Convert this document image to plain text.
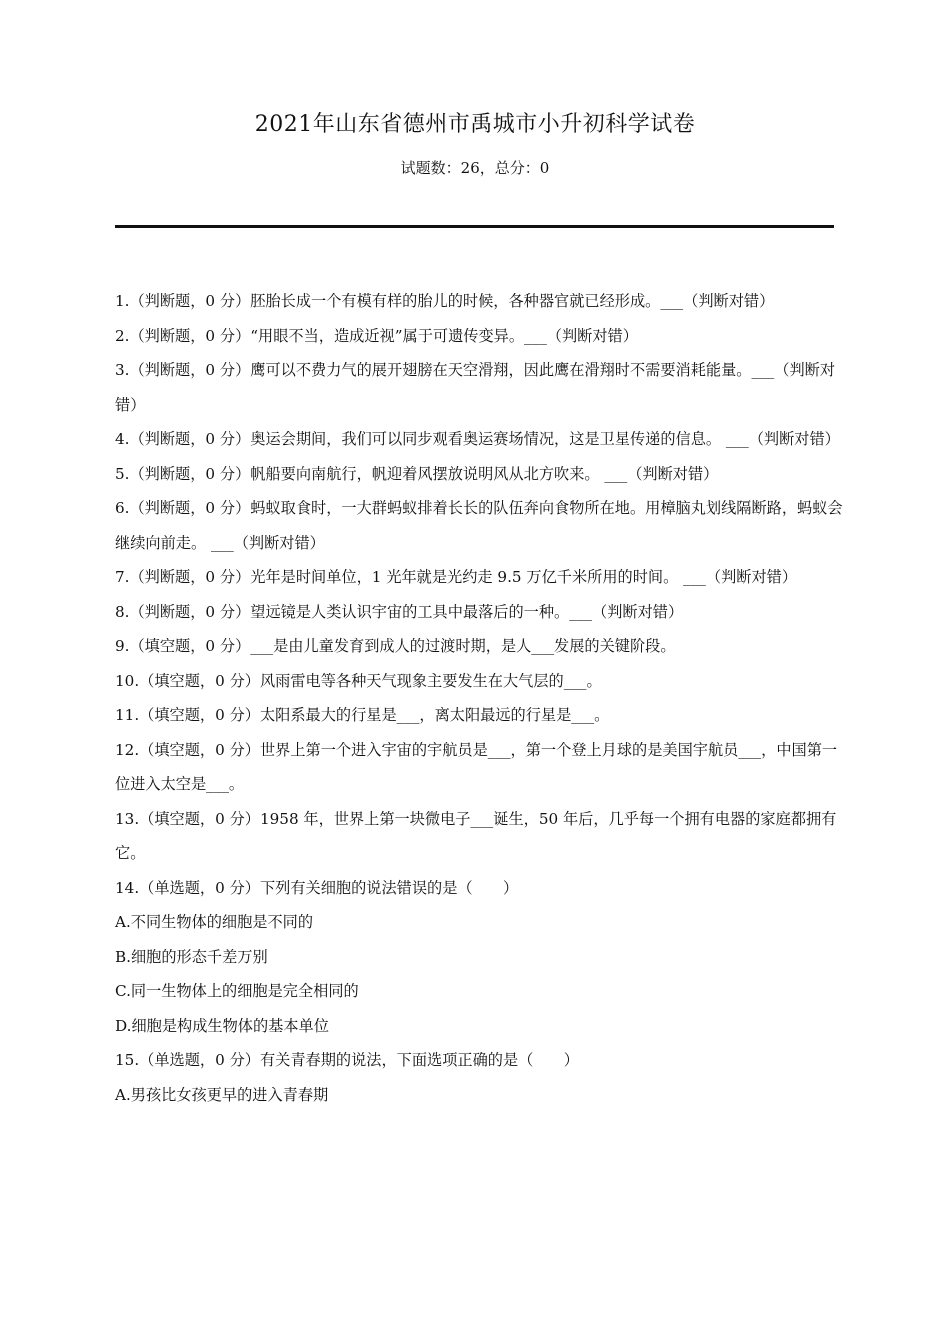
2021年山东省德州市禹城市小升初科学试卷
试题数：26，总分：0

1.（判断题，0 分）胚胎长成一个有模有样的胎儿的时候，各种器官就已经形成。___（判断对错）

2.（判断题，0 分）“用眼不当，造成近视”属于可遗传变异。___（判断对错）

3.（判断题，0 分）鹰可以不费力气的展开翅膀在天空滑翔，因此鹰在滑翔时不需要消耗能量。___（判断对错）

4.（判断题，0 分）奥运会期间，我们可以同步观看奥运赛场情况，这是卫星传递的信息。 ___（判断对错）

5.（判断题，0 分）帆船要向南航行，帆迎着风摆放说明风从北方吹来。 ___（判断对错）

6.（判断题，0 分）蚂蚁取食时，一大群蚂蚁排着长长的队伍奔向食物所在地。用樟脑丸划线隔断路，蚂蚁会继续向前走。 ___（判断对错）

7.（判断题，0 分）光年是时间单位，1 光年就是光约走 9.5 万亿千米所用的时间。 ___（判断对错）

8.（判断题，0 分）望远镜是人类认识宇宙的工具中最落后的一种。___（判断对错）

9.（填空题，0 分）___是由儿童发育到成人的过渡时期，是人___发展的关键阶段。

10.（填空题，0 分）风雨雷电等各种天气现象主要发生在大气层的___。

11.（填空题，0 分）太阳系最大的行星是___，离太阳最远的行星是___。

12.（填空题，0 分）世界上第一个进入宇宙的宇航员是___，第一个登上月球的是美国宇航员___，中国第一位进入太空是___。

13.（填空题，0 分）1958 年，世界上第一块微电子___诞生，50 年后，几乎每一个拥有电器的家庭都拥有它。

14.（单选题，0 分）下列有关细胞的说法错误的是（　　）

A.不同生物体的细胞是不同的

B.细胞的形态千差万别

C.同一生物体上的细胞是完全相同的

D.细胞是构成生物体的基本单位

15.（单选题，0 分）有关青春期的说法，下面选项正确的是（　　）

A.男孩比女孩更早的进入青春期
